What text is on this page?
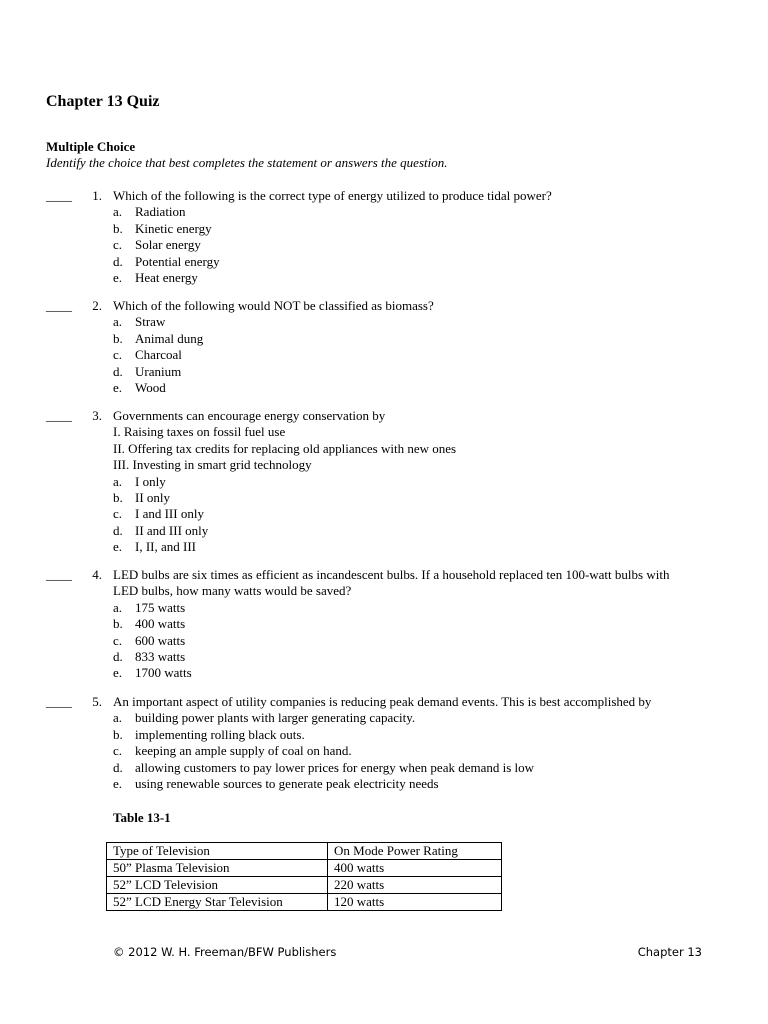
Chapter 13 Quiz
Multiple Choice
Identify the choice that best completes the statement or answers the question.
____	1. Which of the following is the correct type of energy utilized to produce tidal power?
a. Radiation
b. Kinetic energy
c. Solar energy
d. Potential energy
e. Heat energy
____	2. Which of the following would NOT be classified as biomass?
a. Straw
b. Animal dung
c. Charcoal
d. Uranium
e. Wood
____	3. Governments can encourage energy conservation by
I. Raising taxes on fossil fuel use
II. Offering tax credits for replacing old appliances with new ones
III. Investing in smart grid technology
a. I only
b. II only
c. I and III only
d. II and III only
e. I, II, and III
____	4. LED bulbs are six times as efficient as incandescent bulbs. If a household replaced ten 100-watt bulbs with
LED bulbs, how many watts would be saved?
a. 175 watts
b. 400 watts
c. 600 watts
d. 833 watts
e. 1700 watts
____	5. An important aspect of utility companies is reducing peak demand events. This is best accomplished by
a. building power plants with larger generating capacity.
b. implementing rolling black outs.
c. keeping an ample supply of coal on hand.
d. allowing customers to pay lower prices for energy when peak demand is low
e. using renewable sources to generate peak electricity needs
Table 13-1
Type of Television	On Mode Power Rating
50” Plasma Television	400 watts
52” LCD Television	220 watts
52” LCD Energy Star Television	120 watts
© 2012 W. H. Freeman/BFW Publishers	Chapter 13
